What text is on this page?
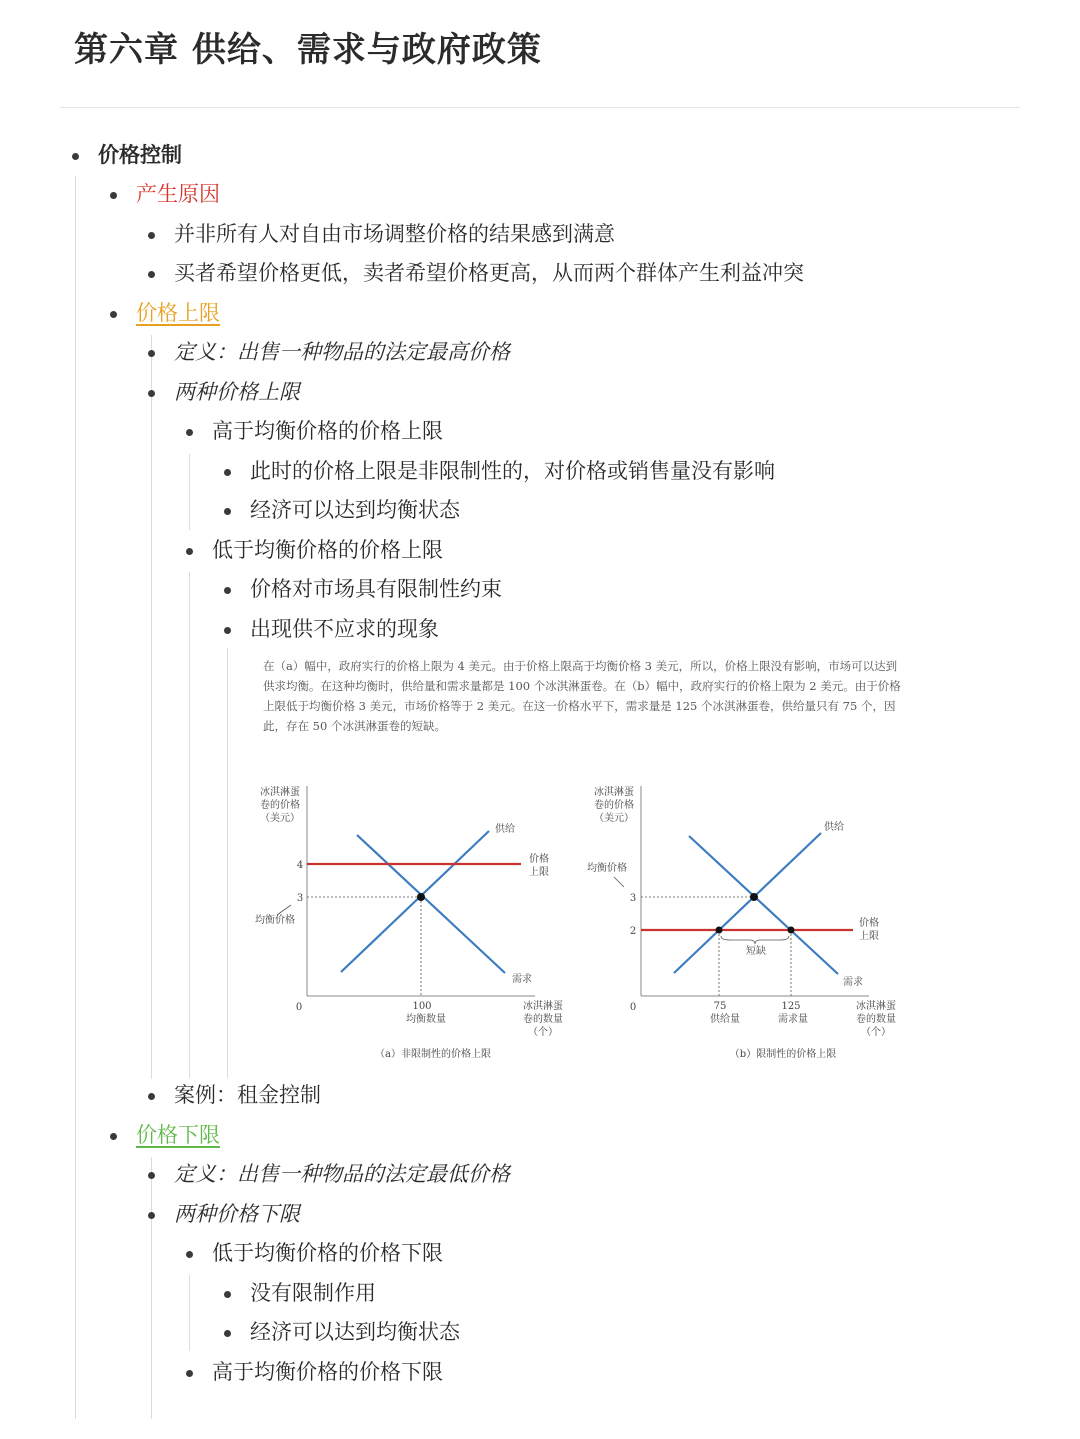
第六章 供给、需求与政府政策
价格控制
产生原因
并非所有人对自由市场调整价格的结果感到满意
买者希望价格更低，卖者希望价格更高，从而两个群体产生利益冲突
价格上限
定义：出售一种物品的法定最高价格
两种价格上限
高于均衡价格的价格上限
此时的价格上限是非限制性的，对价格或销售量没有影响
经济可以达到均衡状态
低于均衡价格的价格上限
价格对市场具有限制性约束
出现供不应求的现象
在（a）幅中，政府实行的价格上限为 4 美元。由于价格上限高于均衡价格 3 美元，所以，价格上限没有影响，市场可以达到供求均衡。在这种均衡时，供给量和需求量都是 100 个冰淇淋蛋卷。在（b）幅中，政府实行的价格上限为 2 美元。由于价格上限低于均衡价格 3 美元，市场价格等于 2 美元。在这一价格水平下，需求量是 125 个冰淇淋蛋卷，供给量只有 75 个，因此，存在 50 个冰淇淋蛋卷的短缺。
冰淇淋蛋
卷的价格
（美元）
0
供给
需求
价格
上限
4
3
均衡价格
100
均衡数量
冰淇淋蛋
卷的数量
（个）
（a）非限制性的价格上限
冰淇淋蛋
卷的价格
（美元）
0
供给
需求
价格
上限
均衡价格
3
2
短缺
75	125
供给量	需求量
冰淇淋蛋
卷的数量
（个）
（b）限制性的价格上限
案例：租金控制
价格下限
定义：出售一种物品的法定最低价格
两种价格下限
低于均衡价格的价格下限
没有限制作用
经济可以达到均衡状态
高于均衡价格的价格下限
